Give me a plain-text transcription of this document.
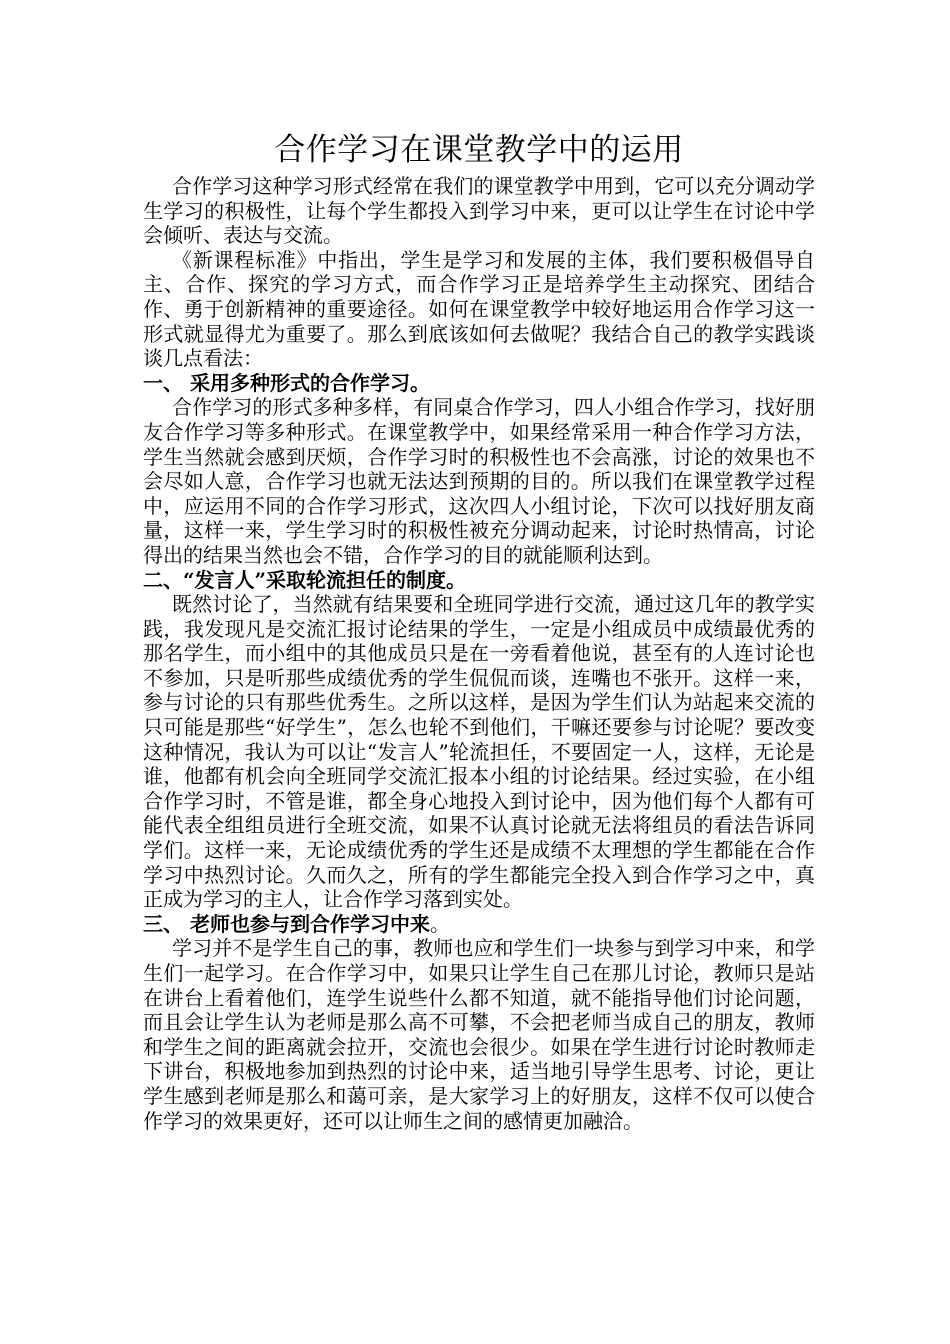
合作学习在课堂教学中的运用

合作学习这种学习形式经常在我们的课堂教学中用到，它可以充分调动学生学习的积极性，让每个学生都投入到学习中来，更可以让学生在讨论中学会倾听、表达与交流。

《新课程标准》中指出，学生是学习和发展的主体，我们要积极倡导自主、合作、探究的学习方式，而合作学习正是培养学生主动探究、团结合作、勇于创新精神的重要途径。如何在课堂教学中较好地运用合作学习这一形式就显得尤为重要了。那么到底该如何去做呢？我结合自己的教学实践谈谈几点看法：

一、 采用多种形式的合作学习。

合作学习的形式多种多样，有同桌合作学习，四人小组合作学习，找好朋友合作学习等多种形式。在课堂教学中，如果经常采用一种合作学习方法，学生当然就会感到厌烦，合作学习时的积极性也不会高涨，讨论的效果也不会尽如人意，合作学习也就无法达到预期的目的。所以我们在课堂教学过程中，应运用不同的合作学习形式，这次四人小组讨论，下次可以找好朋友商量，这样一来，学生学习时的积极性被充分调动起来，讨论时热情高，讨论得出的结果当然也会不错，合作学习的目的就能顺利达到。

二、“发言人”采取轮流担任的制度。

既然讨论了，当然就有结果要和全班同学进行交流，通过这几年的教学实践，我发现凡是交流汇报讨论结果的学生，一定是小组成员中成绩最优秀的那名学生，而小组中的其他成员只是在一旁看着他说，甚至有的人连讨论也不参加，只是听那些成绩优秀的学生侃侃而谈，连嘴也不张开。这样一来，参与讨论的只有那些优秀生。之所以这样，是因为学生们认为站起来交流的只可能是那些“好学生”，怎么也轮不到他们，干嘛还要参与讨论呢？要改变这种情况，我认为可以让“发言人”轮流担任，不要固定一人，这样，无论是谁，他都有机会向全班同学交流汇报本小组的讨论结果。经过实验，在小组合作学习时，不管是谁，都全身心地投入到讨论中，因为他们每个人都有可能代表全组组员进行全班交流，如果不认真讨论就无法将组员的看法告诉同学们。这样一来，无论成绩优秀的学生还是成绩不太理想的学生都能在合作学习中热烈讨论。久而久之，所有的学生都能完全投入到合作学习之中，真正成为学习的主人，让合作学习落到实处。

三、 老师也参与到合作学习中来。

学习并不是学生自己的事，教师也应和学生们一块参与到学习中来，和学生们一起学习。在合作学习中，如果只让学生自己在那儿讨论，教师只是站在讲台上看着他们，连学生说些什么都不知道，就不能指导他们讨论问题，而且会让学生认为老师是那么高不可攀，不会把老师当成自己的朋友，教师和学生之间的距离就会拉开，交流也会很少。如果在学生进行讨论时教师走下讲台，积极地参加到热烈的讨论中来，适当地引导学生思考、讨论，更让学生感到老师是那么和蔼可亲，是大家学习上的好朋友，这样不仅可以使合作学习的效果更好，还可以让师生之间的感情更加融洽。
